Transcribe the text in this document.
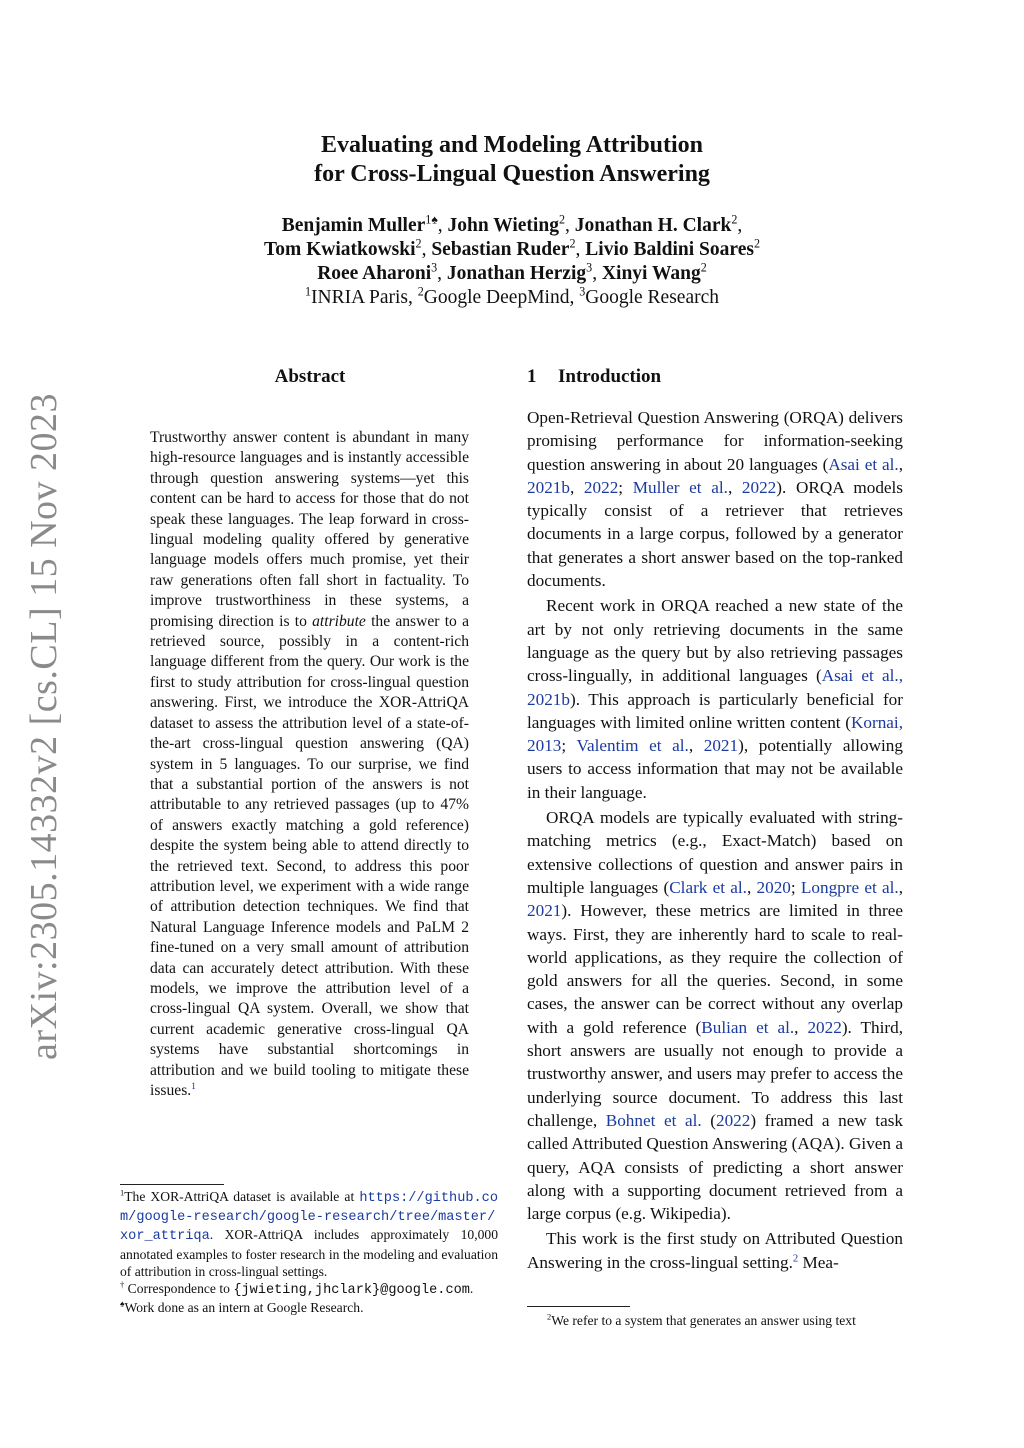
arXiv:2305.14332v2 [cs.CL] 15 Nov 2023
Evaluating and Modeling Attribution
for Cross-Lingual Question Answering
Benjamin Muller$^{1♠}$, John Wieting$^2$, Jonathan H. Clark$^2$,
Tom Kwiatkowski$^2$, Sebastian Ruder$^2$, Livio Baldini Soares$^2$
Roee Aharoni$^3$, Jonathan Herzig$^3$, Xinyi Wang$^2$
$^1$INRIA Paris, $^2$Google DeepMind, $^3$Google Research
Abstract
Trustworthy answer content is abundant in many high-resource languages and is instantly accessible through question answering systems—yet this content can be hard to access for those that do not speak these languages. The leap forward in cross-lingual modeling quality offered by generative language models offers much promise, yet their raw generations often fall short in factuality. To improve trustworthiness in these systems, a promising direction is to attribute the answer to a retrieved source, possibly in a content-rich language different from the query. Our work is the first to study attribution for cross-lingual question answering. First, we introduce the XOR-AttriQA dataset to assess the attribution level of a state-of-the-art cross-lingual question answering (QA) system in 5 languages. To our surprise, we find that a substantial portion of the answers is not attributable to any retrieved passages (up to 47% of answers exactly matching a gold reference) despite the system being able to attend directly to the retrieved text. Second, to address this poor attribution level, we experiment with a wide range of attribution detection techniques. We find that Natural Language Inference models and PaLM 2 fine-tuned on a very small amount of attribution data can accurately detect attribution. With these models, we improve the attribution level of a cross-lingual QA system. Overall, we show that current academic generative cross-lingual QA systems have substantial shortcomings in attribution and we build tooling to mitigate these issues.$^1$

$^1$The XOR-AttriQA dataset is available at https://github.com/google-research/google-research/tree/master/xor_attriqa. XOR-AttriQA includes approximately 10,000 annotated examples to foster research in the modeling and evaluation of attribution in cross-lingual settings.

† Correspondence to {jwieting,jhclark}@google.com.

♠Work done as an intern at Google Research.

1 Introduction

Open-Retrieval Question Answering (ORQA) delivers promising performance for information-seeking question answering in about 20 languages (Asai et al., 2021b, 2022; Muller et al., 2022). ORQA models typically consist of a retriever that retrieves documents in a large corpus, followed by a generator that generates a short answer based on the top-ranked documents.

Recent work in ORQA reached a new state of the art by not only retrieving documents in the same language as the query but by also retrieving passages cross-lingually, in additional languages (Asai et al., 2021b). This approach is particularly beneficial for languages with limited online written content (Kornai, 2013; Valentim et al., 2021), potentially allowing users to access information that may not be available in their language.

ORQA models are typically evaluated with string-matching metrics (e.g., Exact-Match) based on extensive collections of question and answer pairs in multiple languages (Clark et al., 2020; Longpre et al., 2021). However, these metrics are limited in three ways. First, they are inherently hard to scale to real-world applications, as they require the collection of gold answers for all the queries. Second, in some cases, the answer can be correct without any overlap with a gold reference (Bulian et al., 2022). Third, short answers are usually not enough to provide a trustworthy answer, and users may prefer to access the underlying source document. To address this last challenge, Bohnet et al. (2022) framed a new task called Attributed Question Answering (AQA). Given a query, AQA consists of predicting a short answer along with a supporting document retrieved from a large corpus (e.g. Wikipedia).

This work is the first study on Attributed Question Answering in the cross-lingual setting.$^2$ Mea-

$^2$We refer to a system that generates an answer using text
